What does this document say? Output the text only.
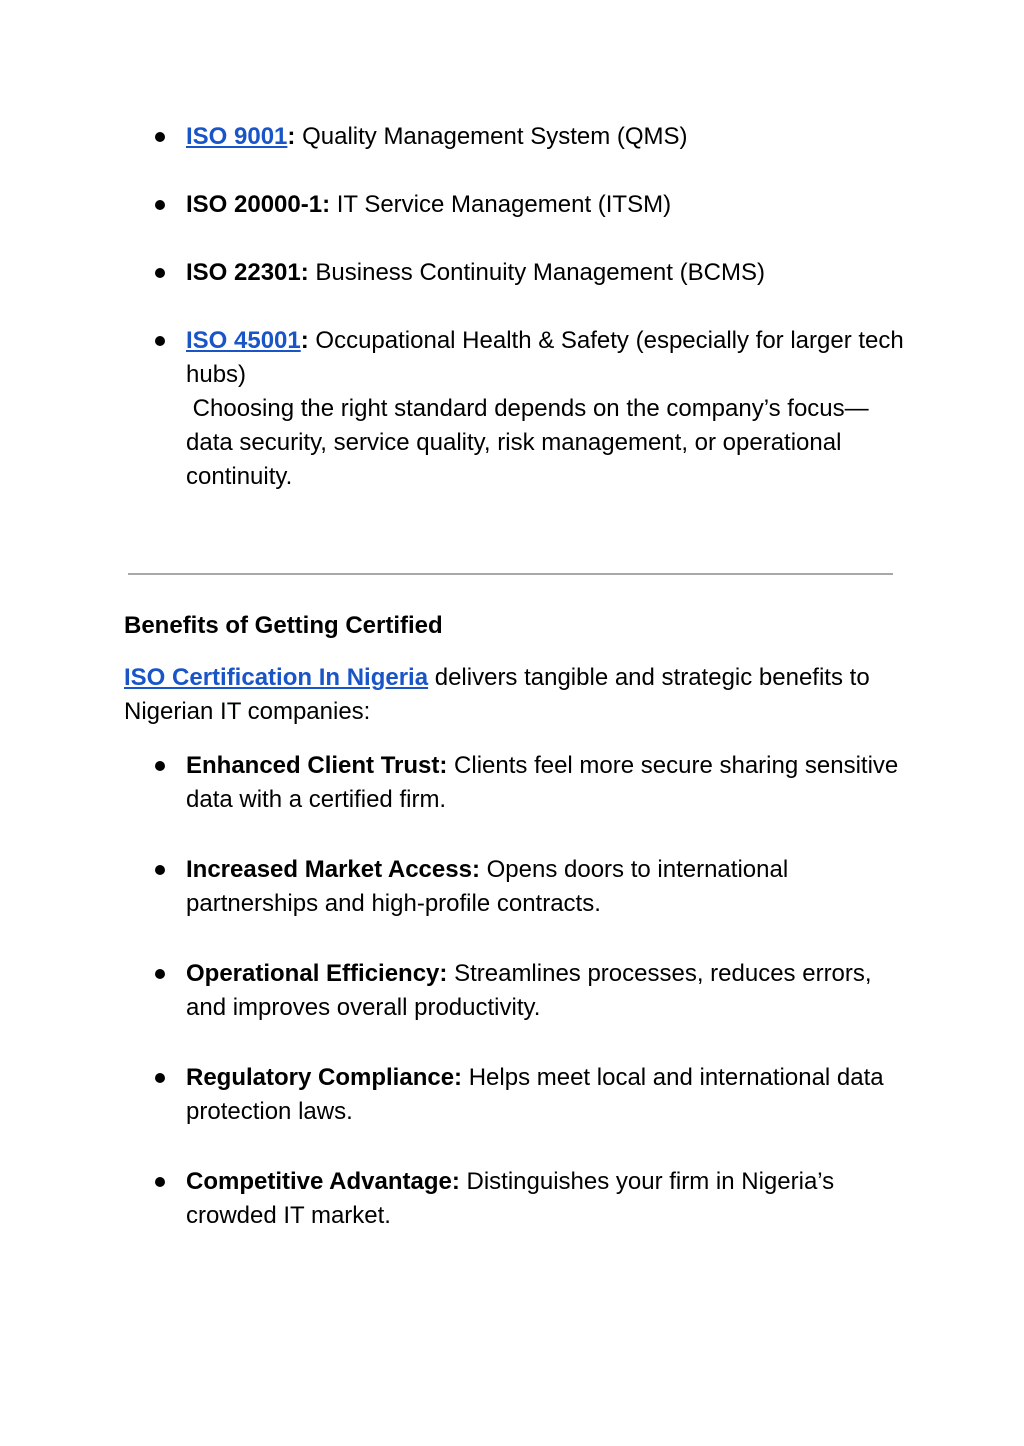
ISO 9001: Quality Management System (QMS)
ISO 20000-1: IT Service Management (ITSM)
ISO 22301: Business Continuity Management (BCMS)
ISO 45001: Occupational Health & Safety (especially for larger tech hubs)
Choosing the right standard depends on the company’s focus—data security, service quality, risk management, or operational continuity.
Benefits of Getting Certified

ISO Certification In Nigeria delivers tangible and strategic benefits to Nigerian IT companies:

Enhanced Client Trust: Clients feel more secure sharing sensitive data with a certified firm.
Increased Market Access: Opens doors to international partnerships and high-profile contracts.
Operational Efficiency: Streamlines processes, reduces errors, and improves overall productivity.
Regulatory Compliance: Helps meet local and international data protection laws.
Competitive Advantage: Distinguishes your firm in Nigeria’s crowded IT market.
